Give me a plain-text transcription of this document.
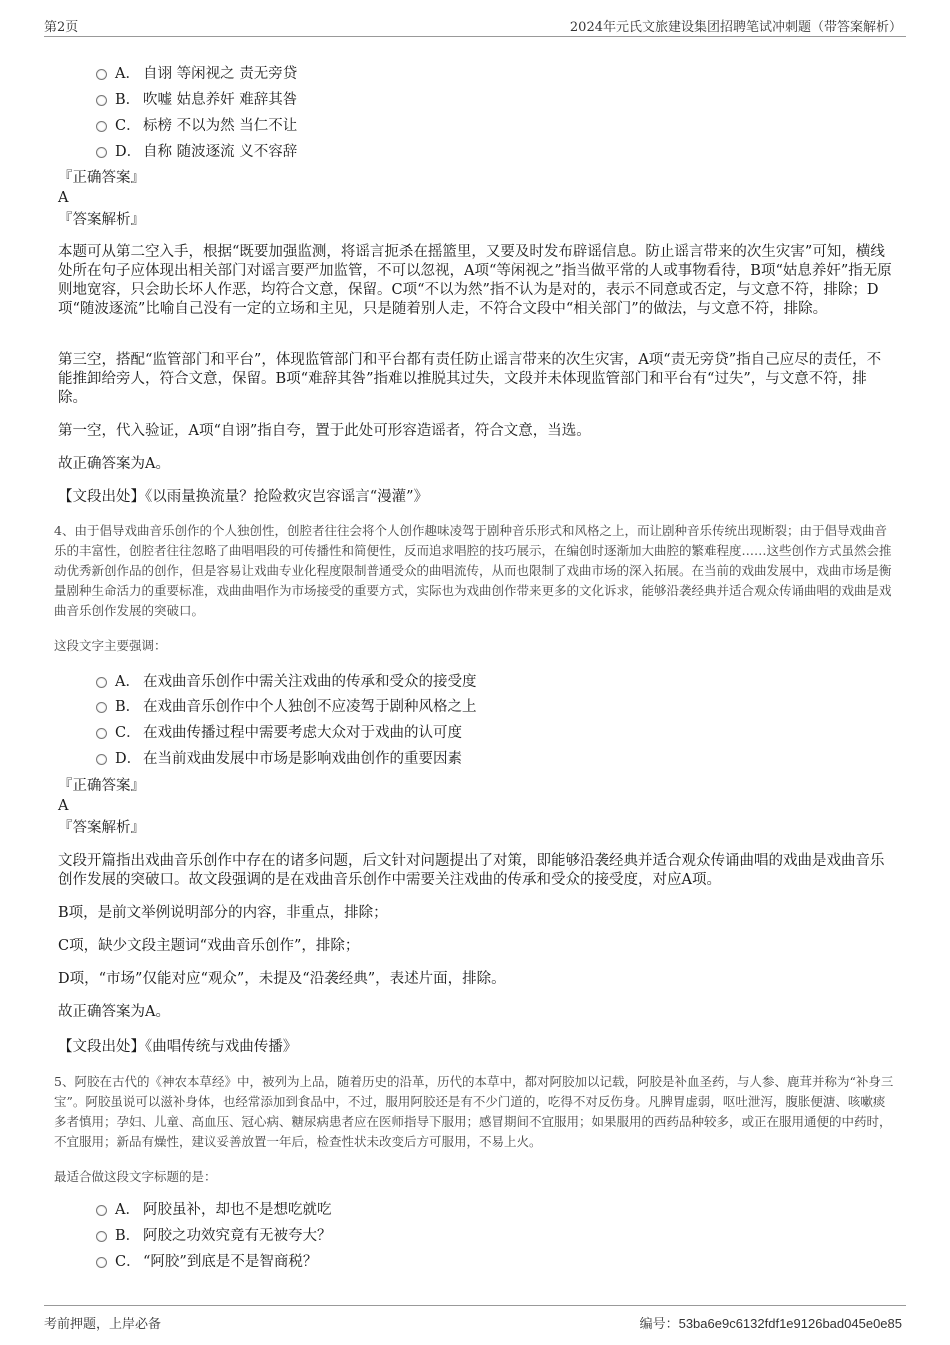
第2页	2024年元氏文旅建设集团招聘笔试冲刺题（带答案解析）
A． 自诩 等闲视之 责无旁贷
B． 吹嘘 姑息养奸 难辞其咎
C． 标榜 不以为然 当仁不让
D． 自称 随波逐流 义不容辞
『正确答案』
A
『答案解析』
本题可从第二空入手，根据“既要加强监测，将谣言扼杀在摇篮里，又要及时发布辟谣信息。防止谣言带来的次生灾害”可知，横线处所在句子应体现出相关部门对谣言要严加监管，不可以忽视，A项“等闲视之”指当做平常的人或事物看待，B项“姑息养奸”指无原则地宽容，只会助长坏人作恶，均符合文意，保留。C项“不以为然”指不认为是对的，表示不同意或否定，与文意不符，排除；D项“随波逐流”比喻自己没有一定的立场和主见，只是随着别人走，不符合文段中“相关部门”的做法，与文意不符，排除。
第三空，搭配“监管部门和平台”，体现监管部门和平台都有责任防止谣言带来的次生灾害，A项“责无旁贷”指自己应尽的责任，不能推卸给旁人，符合文意，保留。B项“难辞其咎”指难以推脱其过失，文段并未体现监管部门和平台有“过失”，与文意不符，排除。
第一空，代入验证，A项“自诩”指自夸，置于此处可形容造谣者，符合文意，当选。
故正确答案为A。
【文段出处】《以雨量换流量？抢险救灾岂容谣言“漫灌”》
4、由于倡导戏曲音乐创作的个人独创性，创腔者往往会将个人创作趣味凌驾于剧种音乐形式和风格之上，而让剧种音乐传统出现断裂；由于倡导戏曲音乐的丰富性，创腔者往往忽略了曲唱唱段的可传播性和简便性，反而追求唱腔的技巧展示，在编创时逐渐加大曲腔的繁难程度……这些创作方式虽然会推动优秀新创作品的创作，但是容易让戏曲专业化程度限制普通受众的曲唱流传，从而也限制了戏曲市场的深入拓展。在当前的戏曲发展中，戏曲市场是衡量剧种生命活力的重要标准，戏曲曲唱作为市场接受的重要方式，实际也为戏曲创作带来更多的文化诉求，能够沿袭经典并适合观众传诵曲唱的戏曲是戏曲音乐创作发展的突破口。
这段文字主要强调：
A． 在戏曲音乐创作中需关注戏曲的传承和受众的接受度
B． 在戏曲音乐创作中个人独创不应凌驾于剧种风格之上
C． 在戏曲传播过程中需要考虑大众对于戏曲的认可度
D． 在当前戏曲发展中市场是影响戏曲创作的重要因素
『正确答案』
A
『答案解析』
文段开篇指出戏曲音乐创作中存在的诸多问题，后文针对问题提出了对策，即能够沿袭经典并适合观众传诵曲唱的戏曲是戏曲音乐创作发展的突破口。故文段强调的是在戏曲音乐创作中需要关注戏曲的传承和受众的接受度，对应A项。
B项，是前文举例说明部分的内容，非重点，排除；
C项，缺少文段主题词“戏曲音乐创作”，排除；
D项，“市场”仅能对应“观众”，未提及“沿袭经典”，表述片面，排除。
故正确答案为A。
【文段出处】《曲唱传统与戏曲传播》
5、阿胶在古代的《神农本草经》中，被列为上品，随着历史的沿革，历代的本草中，都对阿胶加以记载，阿胶是补血圣药，与人参、鹿茸并称为“补身三宝”。阿胶虽说可以滋补身体，也经常添加到食品中，不过，服用阿胶还是有不少门道的，吃得不对反伤身。凡脾胃虚弱，呕吐泄泻，腹胀便溏、咳嗽痰多者慎用；孕妇、儿童、高血压、冠心病、糖尿病患者应在医师指导下服用；感冒期间不宜服用；如果服用的西药品种较多，或正在服用通便的中药时，不宜服用；新品有燥性，建议妥善放置一年后，检查性状未改变后方可服用，不易上火。
最适合做这段文字标题的是：
A． 阿胶虽补，却也不是想吃就吃
B． 阿胶之功效究竟有无被夸大？
C． “阿胶”到底是不是智商税？
考前押题，上岸必备	编号：53ba6e9c6132fdf1e9126bad045e0e85
